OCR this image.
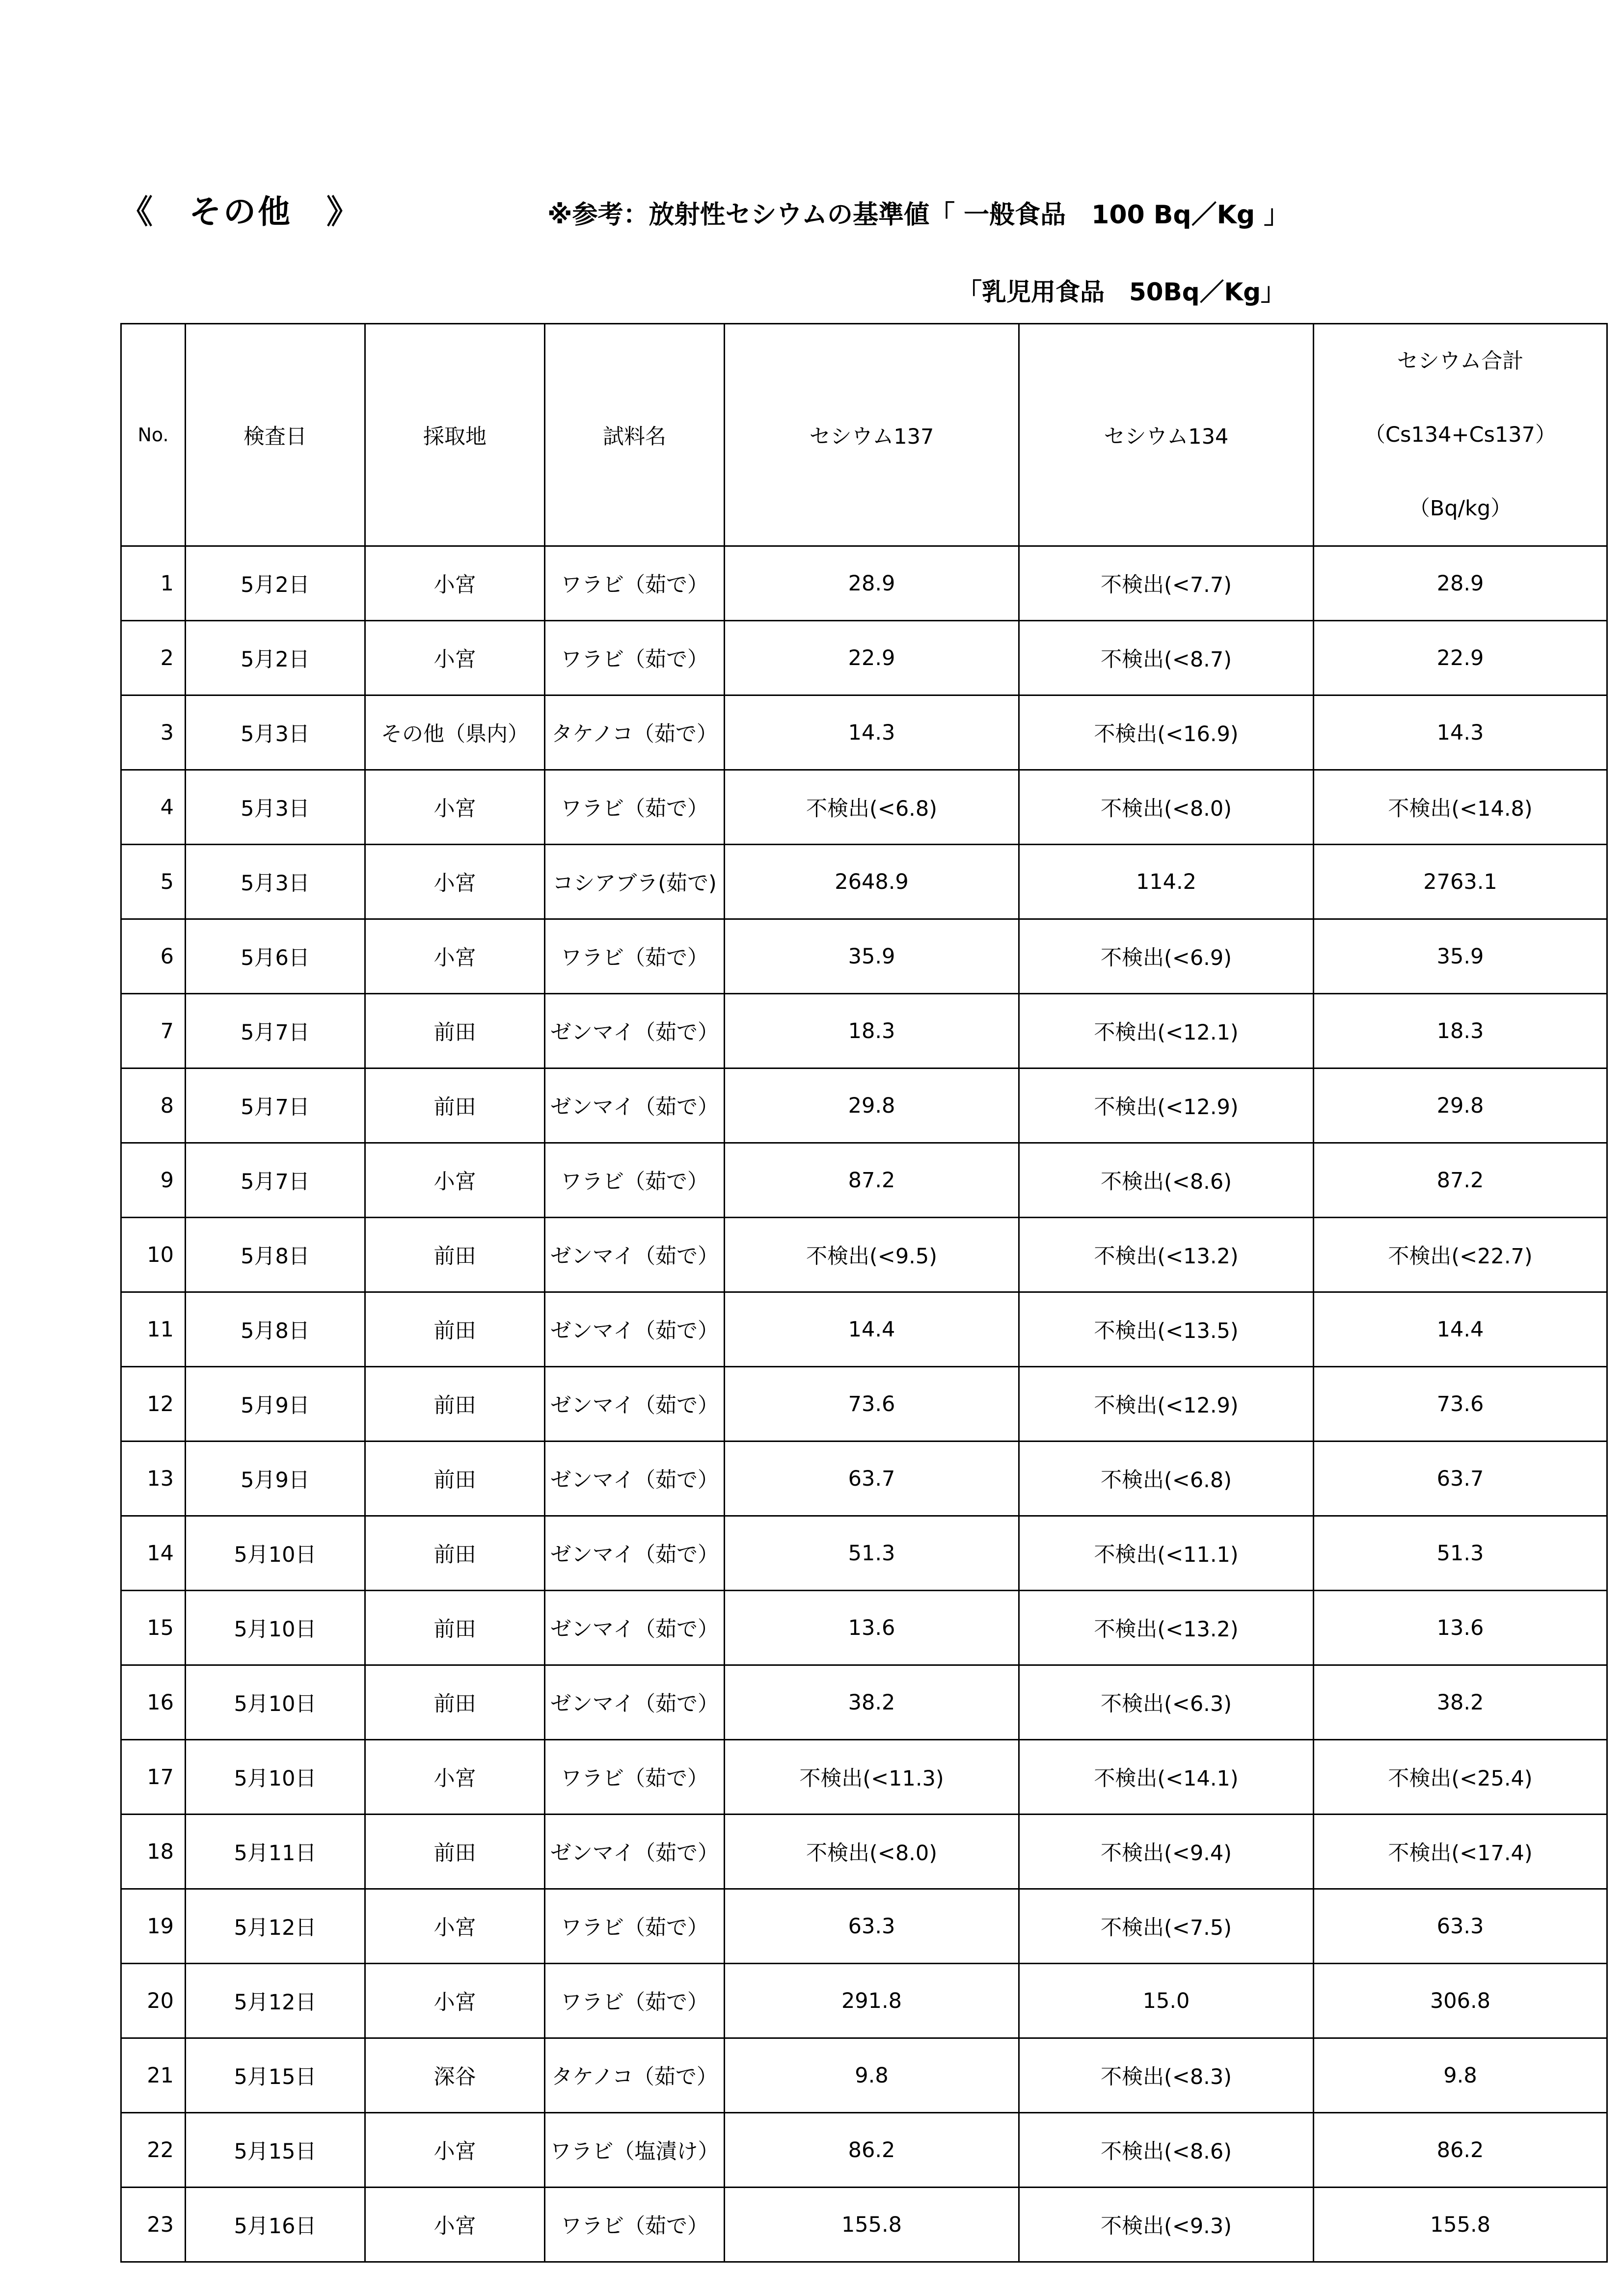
《　その他　》	※参考：放射性セシウムの基準値「 一般食品　100 Bq／Kg 」
「乳児用食品　50Bq／Kg」
No.	検査日	採取地	試料名	セシウム137	セシウム134	セシウム合計
（Cs134+Cs137）
（Bq/kg）

1	5月2日	小宮	ワラビ（茹で）	28.9	不検出(<7.7)	28.9
2	5月2日	小宮	ワラビ（茹で）	22.9	不検出(<8.7)	22.9
3	5月3日	その他（県内）	タケノコ（茹で）	14.3	不検出(<16.9)	14.3
4	5月3日	小宮	ワラビ（茹で）	不検出(<6.8)	不検出(<8.0)	不検出(<14.8)
5	5月3日	小宮	コシアブラ(茹で)	2648.9	114.2	2763.1
6	5月6日	小宮	ワラビ（茹で）	35.9	不検出(<6.9)	35.9
7	5月7日	前田	ゼンマイ（茹で）	18.3	不検出(<12.1)	18.3
8	5月7日	前田	ゼンマイ（茹で）	29.8	不検出(<12.9)	29.8
9	5月7日	小宮	ワラビ（茹で）	87.2	不検出(<8.6)	87.2
10	5月8日	前田	ゼンマイ（茹で）	不検出(<9.5)	不検出(<13.2)	不検出(<22.7)
11	5月8日	前田	ゼンマイ（茹で）	14.4	不検出(<13.5)	14.4
12	5月9日	前田	ゼンマイ（茹で）	73.6	不検出(<12.9)	73.6
13	5月9日	前田	ゼンマイ（茹で）	63.7	不検出(<6.8)	63.7
14	5月10日	前田	ゼンマイ（茹で）	51.3	不検出(<11.1)	51.3
15	5月10日	前田	ゼンマイ（茹で）	13.6	不検出(<13.2)	13.6
16	5月10日	前田	ゼンマイ（茹で）	38.2	不検出(<6.3)	38.2
17	5月10日	小宮	ワラビ（茹で）	不検出(<11.3)	不検出(<14.1)	不検出(<25.4)
18	5月11日	前田	ゼンマイ（茹で）	不検出(<8.0)	不検出(<9.4)	不検出(<17.4)
19	5月12日	小宮	ワラビ（茹で）	63.3	不検出(<7.5)	63.3
20	5月12日	小宮	ワラビ（茹で）	291.8	15.0	306.8
21	5月15日	深谷	タケノコ（茹で）	9.8	不検出(<8.3)	9.8
22	5月15日	小宮	ワラビ（塩漬け）	86.2	不検出(<8.6)	86.2
23	5月16日	小宮	ワラビ（茹で）	155.8	不検出(<9.3)	155.8
